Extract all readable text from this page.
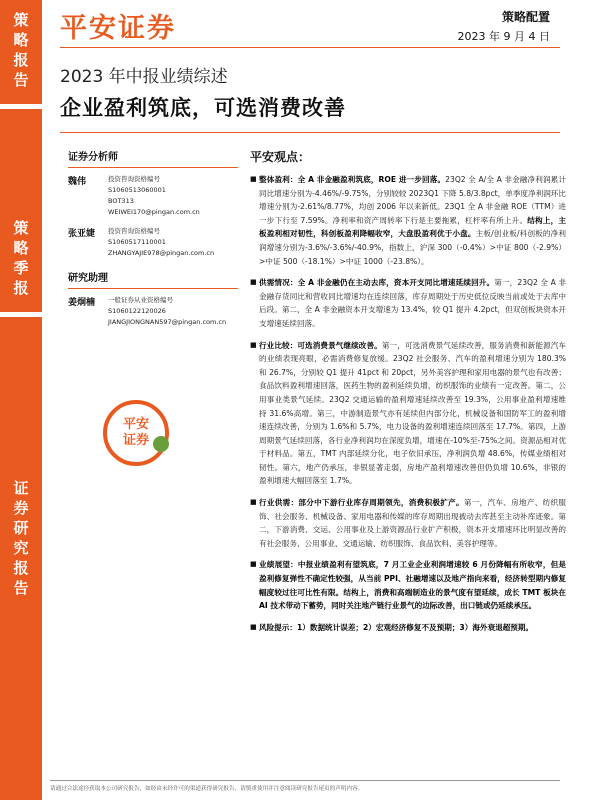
策
略
报
告
策
略
季
报
证
券
研
究
报
告
平安证券	策略配置
2023 年 9 月 4 日
2023 年中报业绩综述
企业盈利筑底，可选消费改善
证券分析师
魏伟	投资咨询资格编号
S1060513060001
BOT313
WEIWEI170@pingan.com.cn
张亚婕	投资咨询资格编号
S1060517110001
ZHANGYAJIE978@pingan.com.cn
研究助理
姜炯楠	一般证券从业资格编号
S1060122120026
JIANGJIONGNAN597@pingan.com.cn
平安
证券
平安观点：
■ 整体盈利：全 A 非金融盈利筑底，ROE 进一步回落。23Q2 全 A/全 A 非金融净利润累计同比增速分别为-4.46%/-9.75%，分别较较 2023Q1 下降 5.8/3.8pct，单季度净利润环比增速分别为-2.61%/8.77%，均创 2006 年以来新低。23Q1 全 A 非金融 ROE（TTM）进一步下行至 7.59%。净利率和资产周转率下行是主要拖累，杠杆率有所上升。结构上，主板盈利相对韧性，科创板盈利降幅收窄，大盘股盈利优于小盘。主板/创业板/科创板的净利润增速分别为-3.6%/-3.6%/-40.9%，指数上，沪深 300（-0.4%）>中证 800（-2.9%）>中证 500（-18.1%）>中证 1000（-23.8%）。
■ 供需情况：全 A 非金融仍在主动去库，资本开支同比增速延续回升。第一，23Q2 全 A 非金融存货同比和营收同比增速均在连续回落，库存周期处于历史低位反映当前或处于去库中后段。第二，全 A 非金融资本开支增速为 13.4%，较 Q1 提升 4.2pct，但双创板块资本开支增速延续回落。
■ 行业比较：可选消费景气继续改善。第一，可选消费景气延续改善，服务消费和新能源汽车的业绩表现亮眼，必需消费修复放缓。23Q2 社会服务、汽车的盈利增速分别为 180.3% 和 26.7%，分别较 Q1 提升 41pct 和 20pct，另外美容护理和家用电器的景气也有改善；食品饮料盈利增速回落，医药生物的盈利延续负增，纺织服饰的业绩有一定改善。第二，公用事业类景气延续。23Q2 交通运输的盈利增速延续改善至 19.3%，公用事业盈利增速维持 31.6%高增。第三，中游制造景气亦有延续但内部分化，机械设备和国防军工的盈利增速连续改善，分别为 1.6%和 5.7%，电力设备的盈利增速连续回落至 17.7%。第四，上游周期景气延续回落，各行业净利润均在深度负增，增速在-10%至-75%之间。资源品相对优于材料品。第五，TMT 内部延续分化，电子依旧承压，净利润负增 48.6%，传媒业绩相对韧性。第六，地产仍承压，非银显著走弱，房地产盈利增速改善但仍负增 10.6%，非银的盈利增速大幅回落至 1.7%。
■ 行业供需：部分中下游行业库存周期领先，消费积极扩产。第一，汽车、房地产、纺织服饰、社会服务、机械设备、家用电器和传媒的库存周期出现被动去库甚至主动补库迹象。第二，下游消费、交运、公用事业及上游资源品行业扩产积极，资本开支增速环比明显改善的有社会服务、公用事业、交通运输、纺织服饰、食品饮料、美容护理等。
■ 业绩展望：中报业绩盈利有望筑底，7 月工业企业利润增速较 6 月份降幅有所收窄，但是盈利修复弹性不确定性较强，从当前 PPI、社融增速以及地产指向来看，经济转型期内修复幅度较过往可比性有限。结构上，消费和高端制造业的景气度有望延续，成长 TMT 板块在 AI 技术带动下蓄势，同时关注地产链行业景气的边际改善，出口链或仍延续承压。
■ 风险提示：1）数据统计误差；2）宏观经济修复不及预期；3）海外衰退超预期。
请通过合法途径获取本公司研究报告，如经由未经许可的渠道获得研究报告，请慎重使用并注意阅读研究报告尾页的声明内容。
